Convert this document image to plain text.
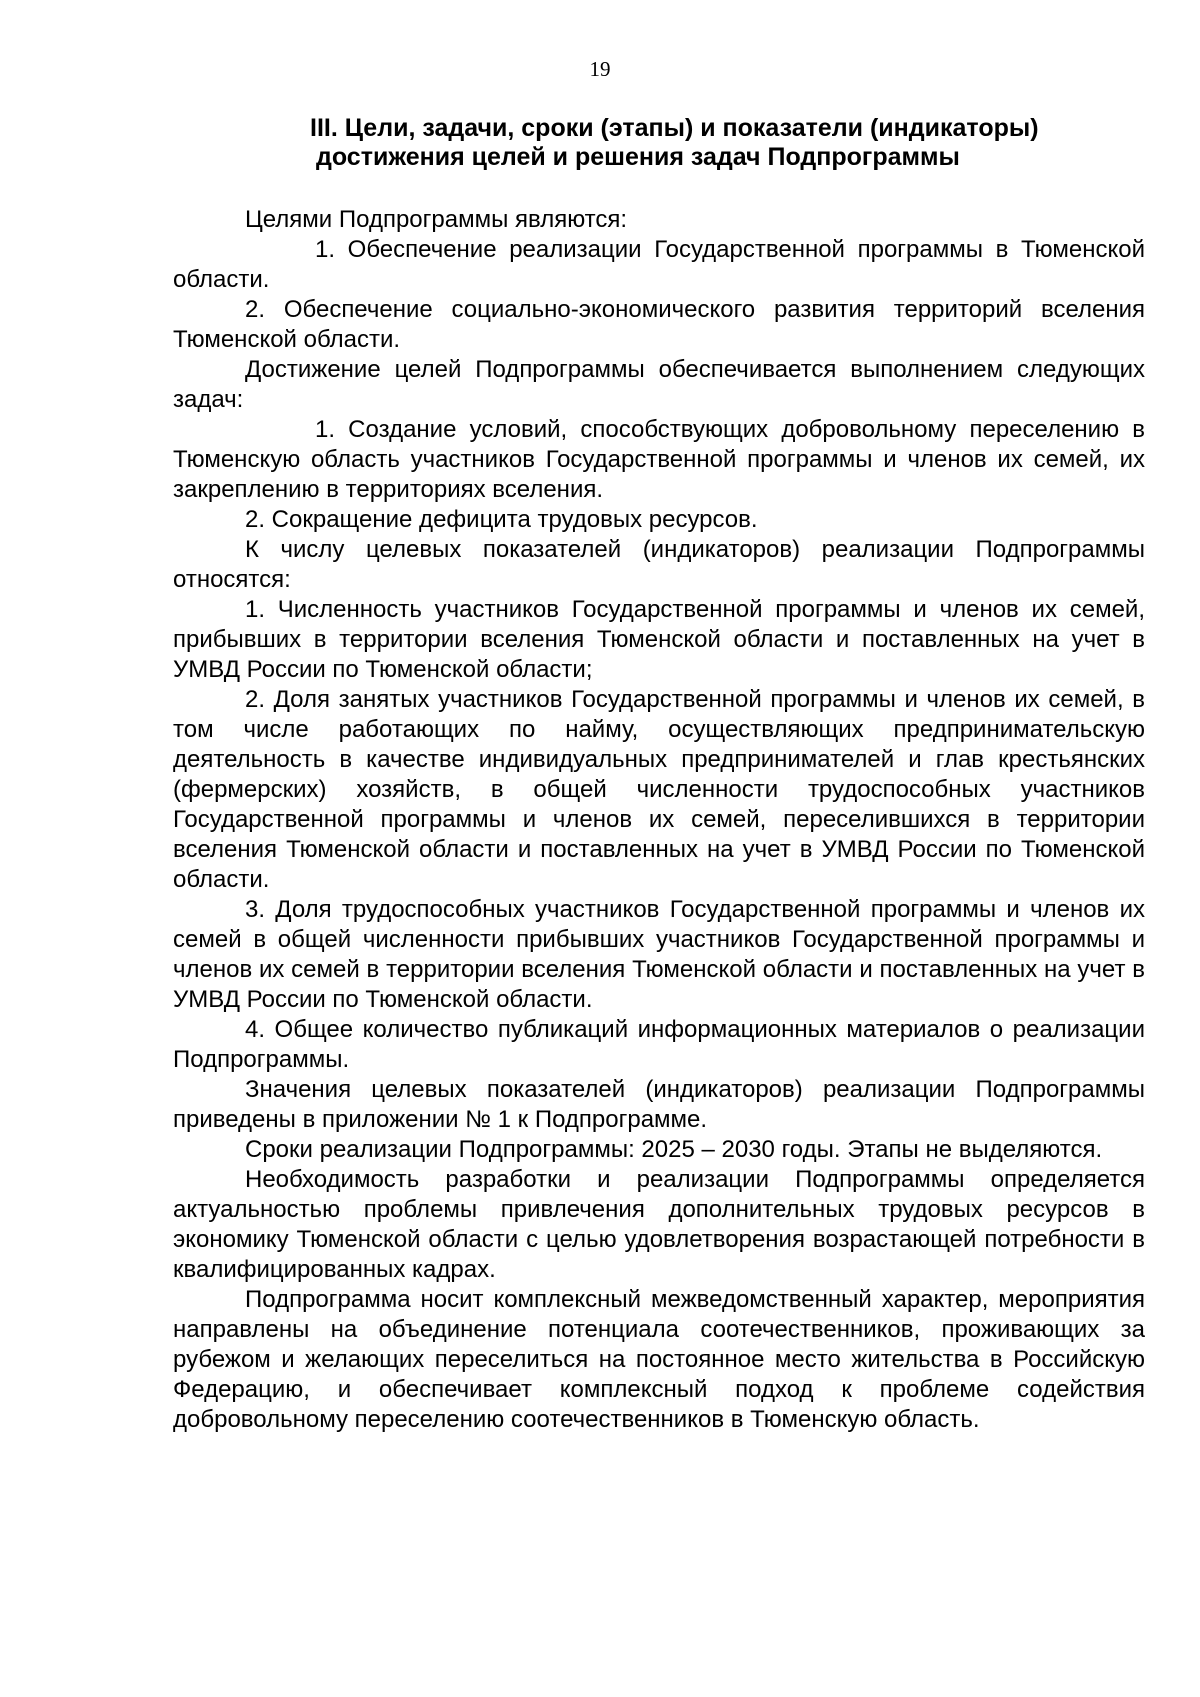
19
III. Цели, задачи, сроки (этапы) и показатели (индикаторы)
достижения целей и решения задач Подпрограммы

Целями Подпрограммы являются:

1. Обеспечение реализации Государственной программы в Тюменской области.

2. Обеспечение социально-экономического развития территорий вселения Тюменской области.

Достижение целей Подпрограммы обеспечивается выполнением следующих задач:

1. Создание условий, способствующих добровольному переселению в Тюменскую область участников Государственной программы и членов их семей, их закреплению в территориях вселения.

2. Сокращение дефицита трудовых ресурсов.

К числу целевых показателей (индикаторов) реализации Подпрограммы относятся:

1. Численность участников Государственной программы и членов их семей, прибывших в территории вселения Тюменской области и поставленных на учет в УМВД России по Тюменской области;

2. Доля занятых участников Государственной программы и членов их семей, в том числе работающих по найму, осуществляющих предпринимательскую деятельность в качестве индивидуальных предпринимателей и глав крестьянских (фермерских) хозяйств, в общей численности трудоспособных участников Государственной программы и членов их семей, переселившихся в территории вселения Тюменской области и поставленных на учет в УМВД России по Тюменской области.

3. Доля трудоспособных участников Государственной программы и членов их семей в общей численности прибывших участников Государственной программы и членов их семей в территории вселения Тюменской области и поставленных на учет в УМВД России по Тюменской области.

4. Общее количество публикаций информационных материалов о реализации Подпрограммы.

Значения целевых показателей (индикаторов) реализации Подпрограммы приведены в приложении № 1 к Подпрограмме.

Сроки реализации Подпрограммы: 2025 – 2030 годы. Этапы не выделяются.

Необходимость разработки и реализации Подпрограммы определяется актуальностью проблемы привлечения дополнительных трудовых ресурсов в экономику Тюменской области с целью удовлетворения возрастающей потребности в квалифицированных кадрах.

Подпрограмма носит комплексный межведомственный характер, мероприятия направлены на объединение потенциала соотечественников, проживающих за рубежом и желающих переселиться на постоянное место жительства в Российскую Федерацию, и обеспечивает комплексный подход к проблеме содействия добровольному переселению соотечественников в Тюменскую область.
